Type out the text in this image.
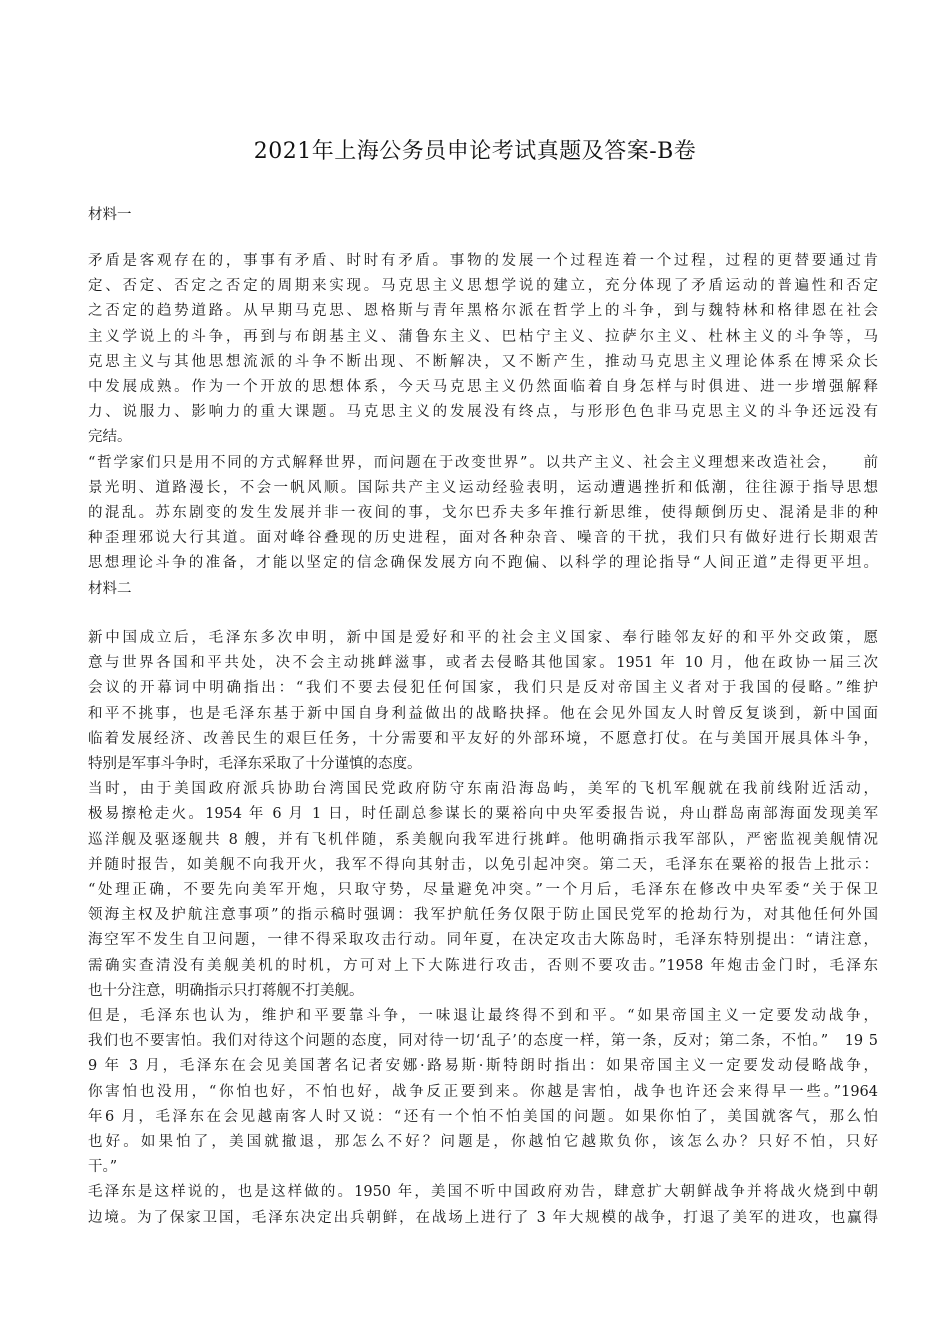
2021年上海公务员申论考试真题及答案-B卷
材料一
矛盾是客观存在的，事事有矛盾、时时有矛盾。事物的发展一个过程连着一个过程，过程的更替要通过肯
定、否定、否定之否定的周期来实现。马克思主义思想学说的建立，充分体现了矛盾运动的普遍性和否定
之否定的趋势道路。从早期马克思、恩格斯与青年黑格尔派在哲学上的斗争，到与魏特林和格律恩在社会
主义学说上的斗争，再到与布朗基主义、蒲鲁东主义、巴枯宁主义、拉萨尔主义、杜林主义的斗争等，马
克思主义与其他思想流派的斗争不断出现、不断解决，又不断产生，推动马克思主义理论体系在博采众长
中发展成熟。作为一个开放的思想体系，今天马克思主义仍然面临着自身怎样与时俱进、进一步增强解释
力、说服力、影响力的重大课题。马克思主义的发展没有终点，与形形色色非马克思主义的斗争还远没有
完结。
“哲学家们只是用不同的方式解释世界，而问题在于改变世界”。以共产主义、社会主义理想来改造社会，　　前
景光明、道路漫长，不会一帆风顺。国际共产主义运动经验表明，运动遭遇挫折和低潮，往往源于指导思想
的混乱。苏东剧变的发生发展并非一夜间的事，戈尔巴乔夫多年推行新思维，使得颠倒历史、混淆是非的种
种歪理邪说大行其道。面对峰谷叠现的历史进程，面对各种杂音、噪音的干扰，我们只有做好进行长期艰苦
思想理论斗争的准备，才能以坚定的信念确保发展方向不跑偏、以科学的理论指导“人间正道”走得更平坦。
材料二
新中国成立后，毛泽东多次申明，新中国是爱好和平的社会主义国家、奉行睦邻友好的和平外交政策，愿
意与世界各国和平共处，决不会主动挑衅滋事，或者去侵略其他国家。1951 年 10 月，他在政协一届三次
会议的开幕词中明确指出：“我们不要去侵犯任何国家，我们只是反对帝国主义者对于我国的侵略。”维护
和平不挑事，也是毛泽东基于新中国自身利益做出的战略抉择。他在会见外国友人时曾反复谈到，新中国面
临着发展经济、改善民生的艰巨任务，十分需要和平友好的外部环境，不愿意打仗。在与美国开展具体斗争，
特别是军事斗争时，毛泽东采取了十分谨慎的态度。
当时，由于美国政府派兵协助台湾国民党政府防守东南沿海岛屿，美军的飞机军舰就在我前线附近活动，
极易擦枪走火。1954 年 6 月 1 日，时任副总参谋长的粟裕向中央军委报告说，舟山群岛南部海面发现美军
巡洋舰及驱逐舰共 8 艘，并有飞机伴随，系美舰向我军进行挑衅。他明确指示我军部队，严密监视美舰情况
并随时报告，如美舰不向我开火，我军不得向其射击，以免引起冲突。第二天，毛泽东在粟裕的报告上批示：
“处理正确，不要先向美军开炮，只取守势，尽量避免冲突。”一个月后，毛泽东在修改中央军委“关于保卫
领海主权及护航注意事项”的指示稿时强调：我军护航任务仅限于防止国民党军的抢劫行为，对其他任何外国
海空军不发生自卫问题，一律不得采取攻击行动。同年夏，在决定攻击大陈岛时，毛泽东特别提出：“请注意，
需确实查清没有美舰美机的时机，方可对上下大陈进行攻击，否则不要攻击。”1958 年炮击金门时，毛泽东
也十分注意，明确指示只打蒋舰不打美舰。
但是，毛泽东也认为，维护和平要靠斗争，一味退让最终得不到和平。“如果帝国主义一定要发动战争，
我们也不要害怕。我们对待这个问题的态度，同对待一切‘乱子’的态度一样，第一条，反对；第二条，不怕。”　19 5
9 年 3 月，毛泽东在会见美国著名记者安娜·路易斯·斯特朗时指出：如果帝国主义一定要发动侵略战争，
你害怕也没用，“你怕也好，不怕也好，战争反正要到来。你越是害怕，战争也许还会来得早一些。”1964
年6 月，毛泽东在会见越南客人时又说：“还有一个怕不怕美国的问题。如果你怕了，美国就客气，那么怕
也好。如果怕了，美国就撤退，那怎么不好？问题是，你越怕它越欺负你，该怎么办？只好不怕，只好
干。”
毛泽东是这样说的，也是这样做的。1950 年，美国不听中国政府劝告，肆意扩大朝鲜战争并将战火烧到中朝
边境。为了保家卫国，毛泽东决定出兵朝鲜，在战场上进行了 3 年大规模的战争，打退了美军的进攻，也赢得
